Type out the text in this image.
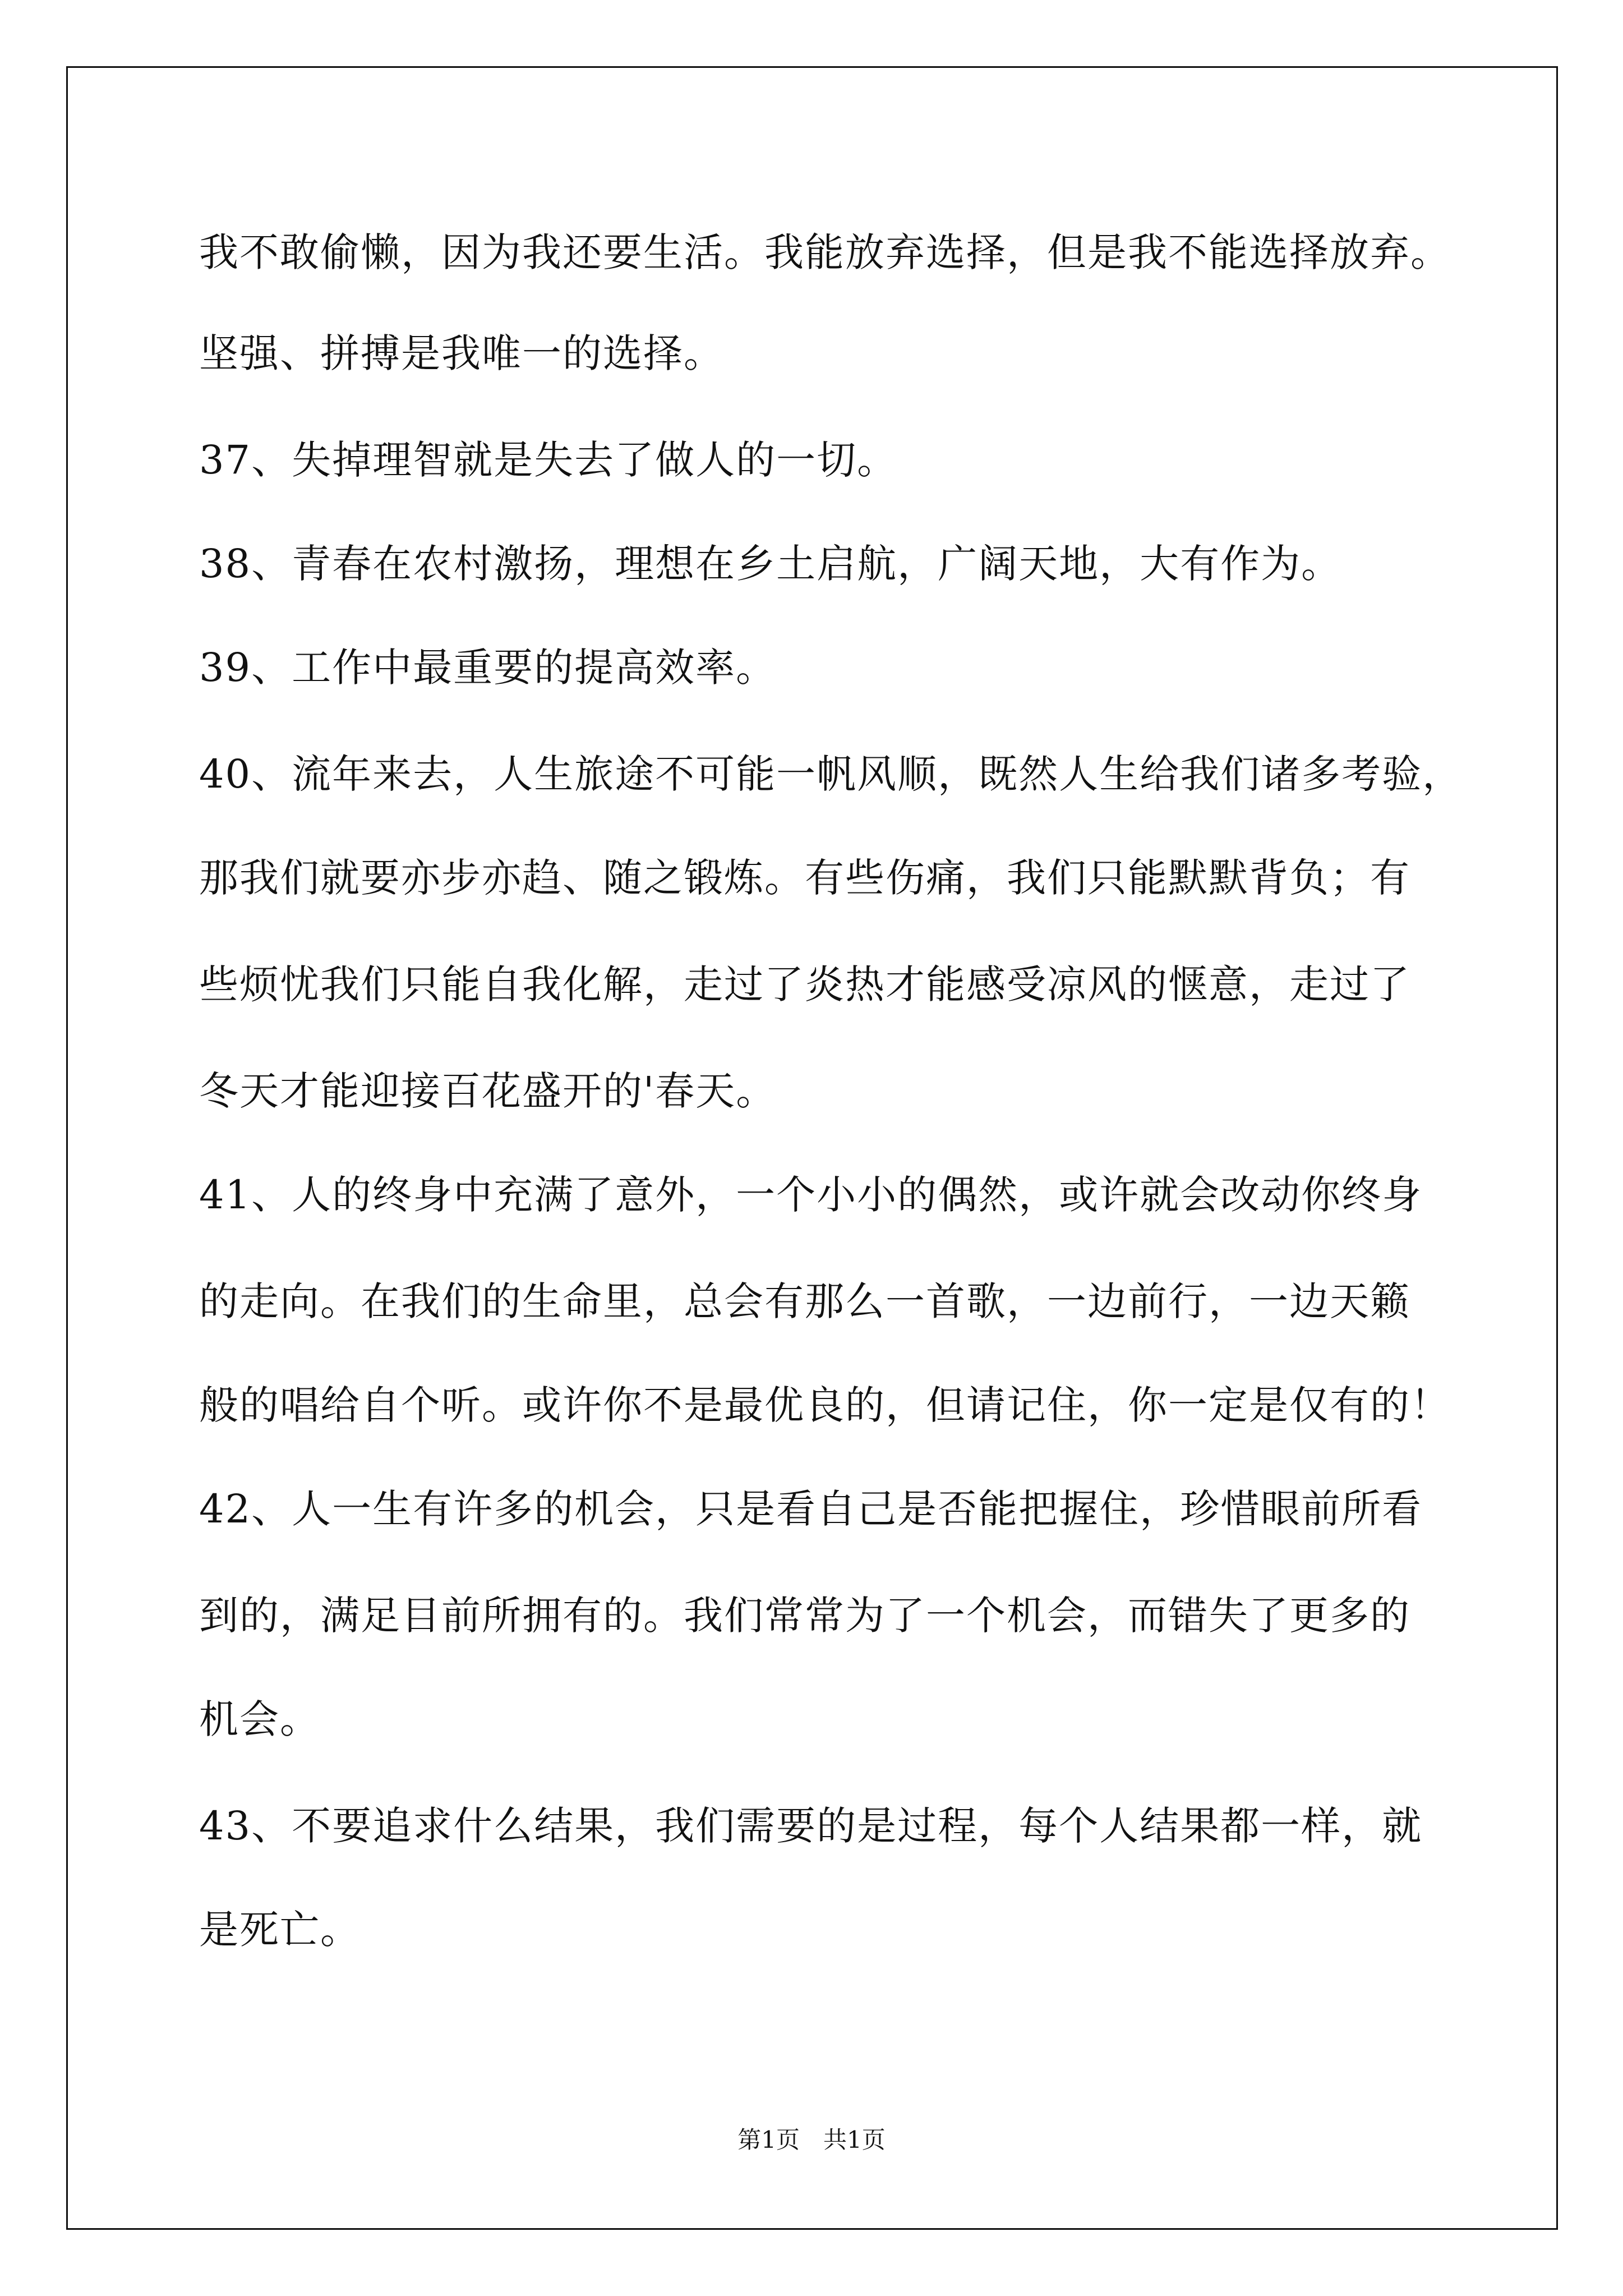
我不敢偷懒，因为我还要生活。我能放弃选择，但是我不能选择放弃。
坚强、拼搏是我唯一的选择。
37、失掉理智就是失去了做人的一切。
38、青春在农村激扬，理想在乡土启航，广阔天地，大有作为。
39、工作中最重要的提高效率。
40、流年来去，人生旅途不可能一帆风顺，既然人生给我们诸多考验，
那我们就要亦步亦趋、随之锻炼。有些伤痛，我们只能默默背负；有
些烦忧我们只能自我化解，走过了炎热才能感受凉风的惬意，走过了
冬天才能迎接百花盛开的'春天。
41、人的终身中充满了意外，一个小小的偶然，或许就会改动你终身
的走向。在我们的生命里，总会有那么一首歌，一边前行，一边天籁
般的唱给自个听。或许你不是最优良的，但请记住，你一定是仅有的！
42、人一生有许多的机会，只是看自己是否能把握住，珍惜眼前所看
到的，满足目前所拥有的。我们常常为了一个机会，而错失了更多的
机会。
43、不要追求什么结果，我们需要的是过程，每个人结果都一样，就
是死亡。
第1页　共1页
